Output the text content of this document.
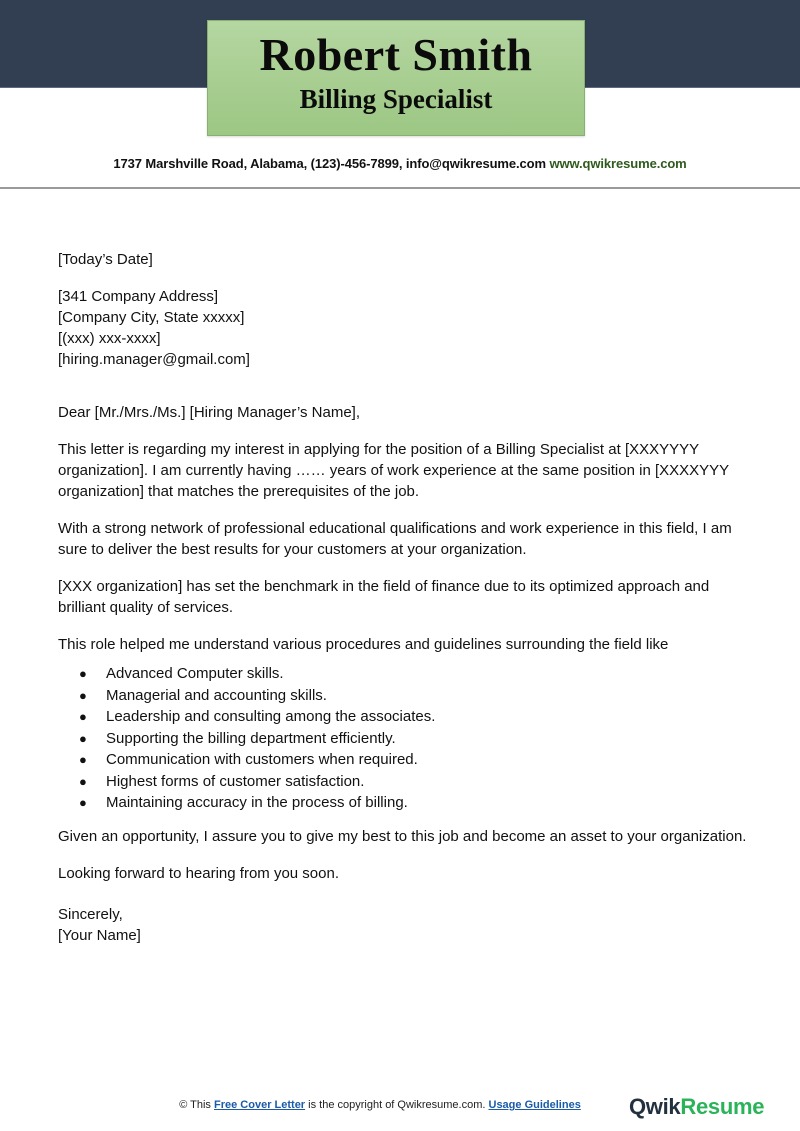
Robert Smith
Billing Specialist
1737 Marshville Road, Alabama, (123)-456-7899, info@qwikresume.com www.qwikresume.com

[Today’s Date]

[341 Company Address]
[Company City, State xxxxx]
[(xxx) xxx-xxxx]
[hiring.manager@gmail.com]

Dear [Mr./Mrs./Ms.] [Hiring Manager’s Name],

This letter is regarding my interest in applying for the position of a Billing Specialist at [XXXYYYY organization]. I am currently having …… years of work experience at the same position in [XXXXYYY organization] that matches the prerequisites of the job.

With a strong network of professional educational qualifications and work experience in this field, I am sure to deliver the best results for your customers at your organization.

[XXX organization] has set the benchmark in the field of finance due to its optimized approach and brilliant quality of services.

This role helped me understand various procedures and guidelines surrounding the field like

● Advanced Computer skills.
● Managerial and accounting skills.
● Leadership and consulting among the associates.
● Supporting the billing department efficiently.
● Communication with customers when required.
● Highest forms of customer satisfaction.
● Maintaining accuracy in the process of billing.

Given an opportunity, I assure you to give my best to this job and become an asset to your organization.

Looking forward to hearing from you soon.

Sincerely,
[Your Name]
© This Free Cover Letter is the copyright of Qwikresume.com. Usage Guidelines	QwikResume
